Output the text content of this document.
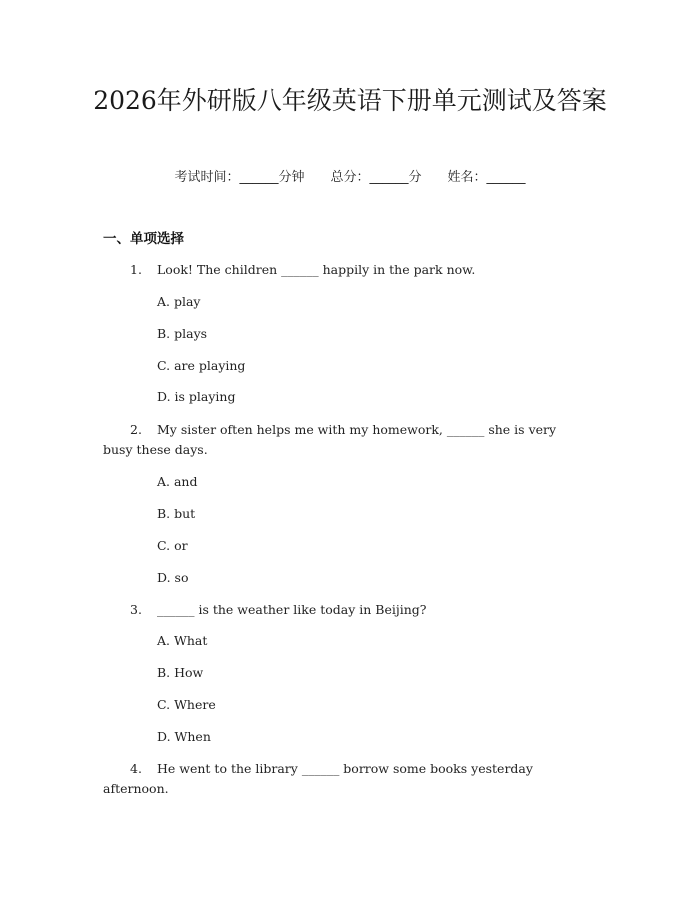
2026年外研版八年级英语下册单元测试及答案
考试时间：______分钟 总分：______分 姓名：______
一、单项选择
1. Look! The children ______ happily in the park now.
A. play
B. plays
C. are playing
D. is playing
2. My sister often helps me with my homework, ______ she is very
busy these days.
A. and
B. but
C. or
D. so
3. ______ is the weather like today in Beijing?
A. What
B. How
C. Where
D. When
4. He went to the library ______ borrow some books yesterday
afternoon.
